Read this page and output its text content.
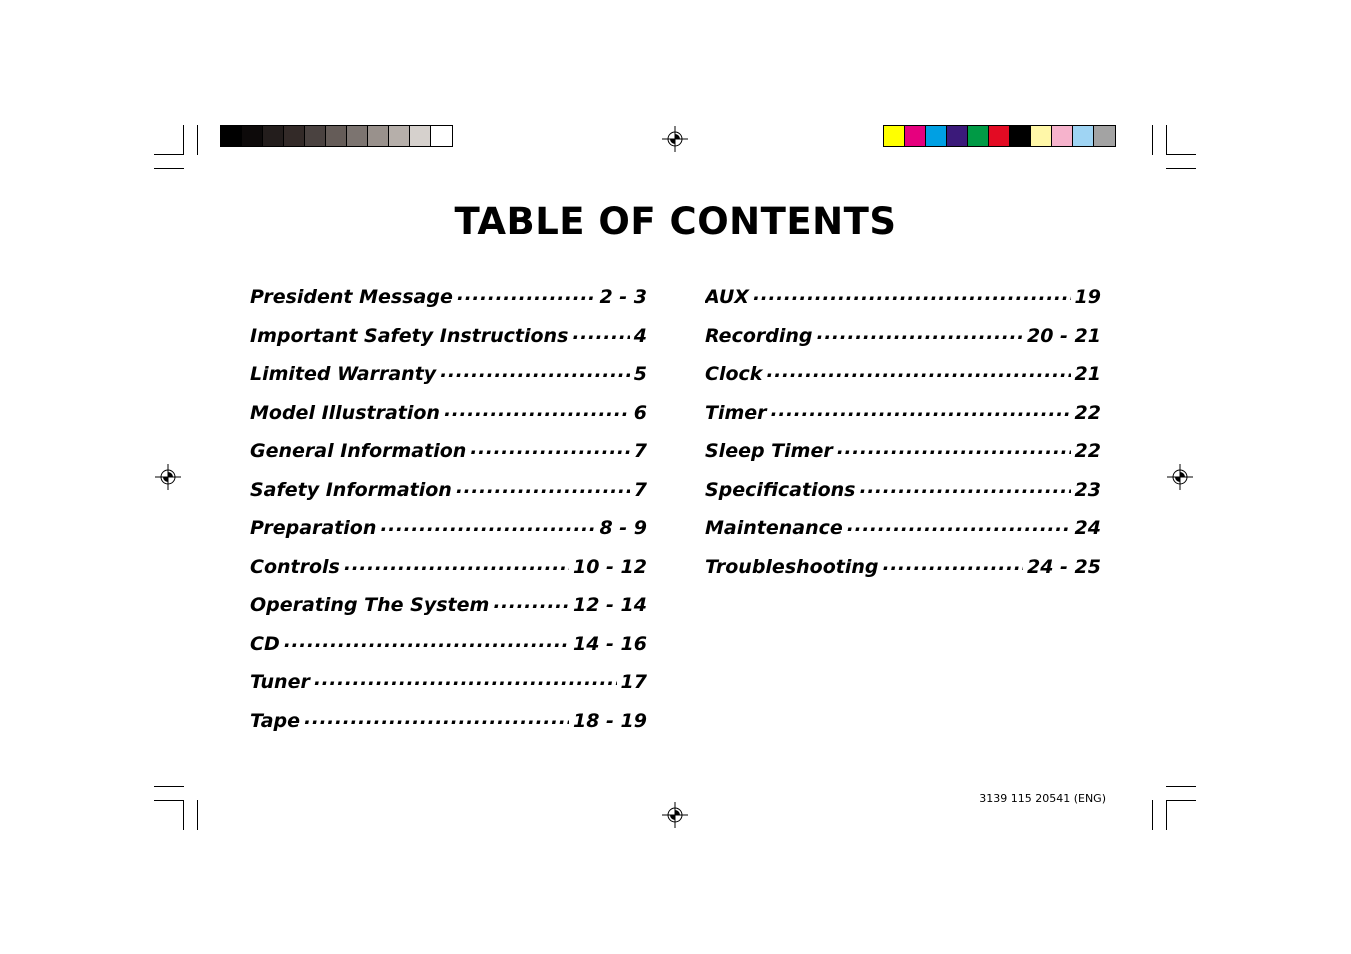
TABLE OF CONTENTS
President Message .....	2 - 3
Important Safety Instructions .....	4
Limited Warranty .....	5
Model Illustration .....	6
General Information .....	7
Safety Information .....	7
Preparation .....	8 - 9
Controls .....	10 - 12
Operating The System .....	12 - 14
CD .....	14 - 16
Tuner .....	17
Tape .....	18 - 19
AUX .....	19
Recording .....	20 - 21
Clock .....	21
Timer .....	22
Sleep Timer .....	22
Specifications .....	23
Maintenance .....	24
Troubleshooting .....	24 - 25
3139 115 20541 (ENG)
